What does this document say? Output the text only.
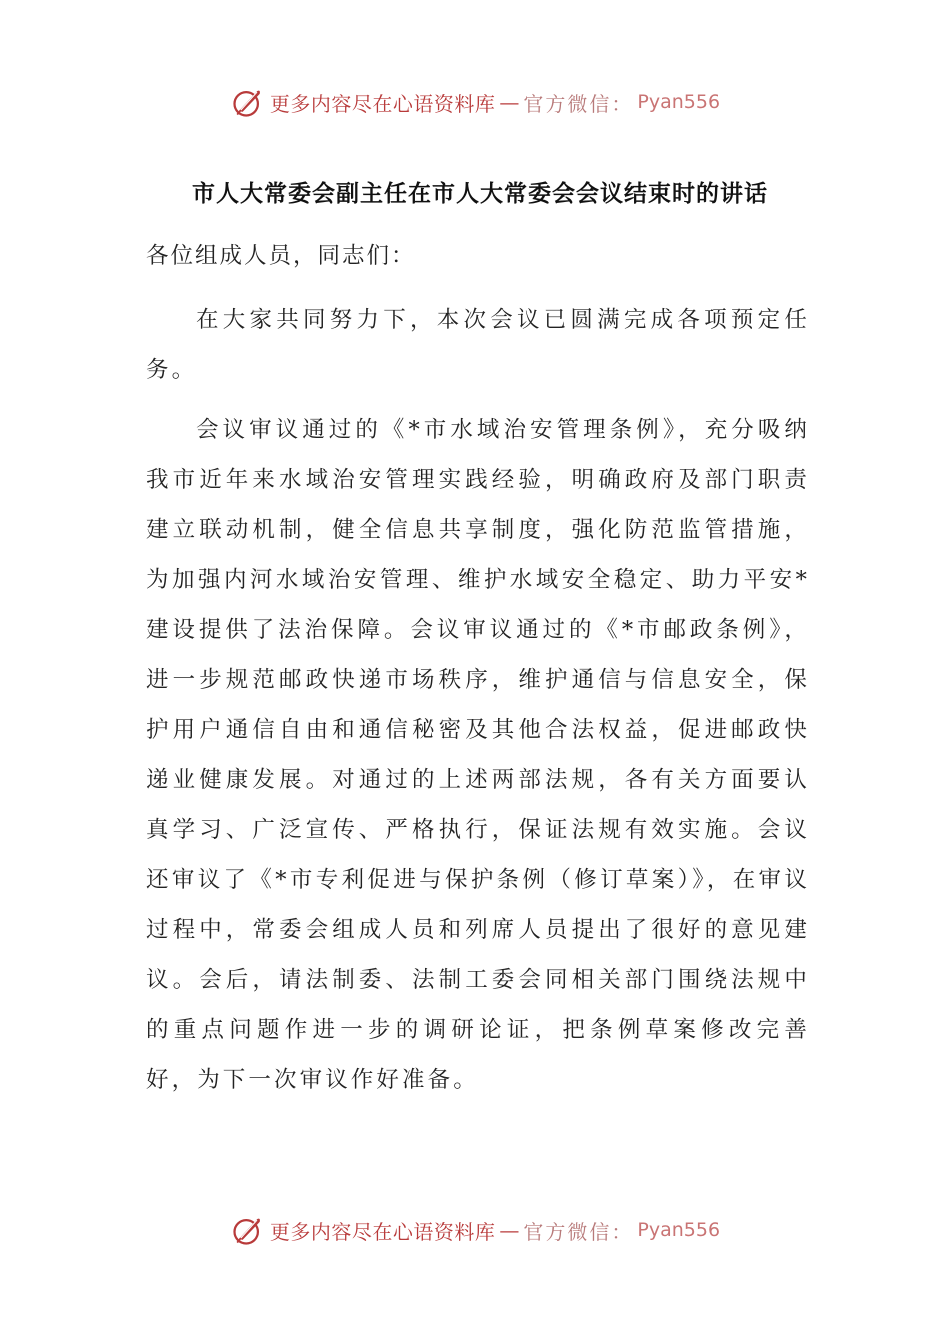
更多内容尽在心语资料库 — 官方微信： Pyan556
市人大常委会副主任在市人大常委会会议结束时的讲话
各位组成人员，同志们：

在大家共同努力下，本次会议已圆满完成各项预定任务。

会议审议通过的《*市水域治安管理条例》，充分吸纳我市近年来水域治安管理实践经验，明确政府及部门职责建立联动机制，健全信息共享制度，强化防范监管措施，为加强内河水域治安管理、维护水域安全稳定、助力平安*建设提供了法治保障。会议审议通过的《*市邮政条例》，进一步规范邮政快递市场秩序，维护通信与信息安全，保护用户通信自由和通信秘密及其他合法权益，促进邮政快递业健康发展。对通过的上述两部法规，各有关方面要认真学习、广泛宣传、严格执行，保证法规有效实施。会议还审议了《*市专利促进与保护条例（修订草案）》，在审议过程中，常委会组成人员和列席人员提出了很好的意见建议。会后，请法制委、法制工委会同相关部门围绕法规中的重点问题作进一步的调研论证，把条例草案修改完善好，为下一次审议作好准备。

更多内容尽在心语资料库 — 官方微信： Pyan556
